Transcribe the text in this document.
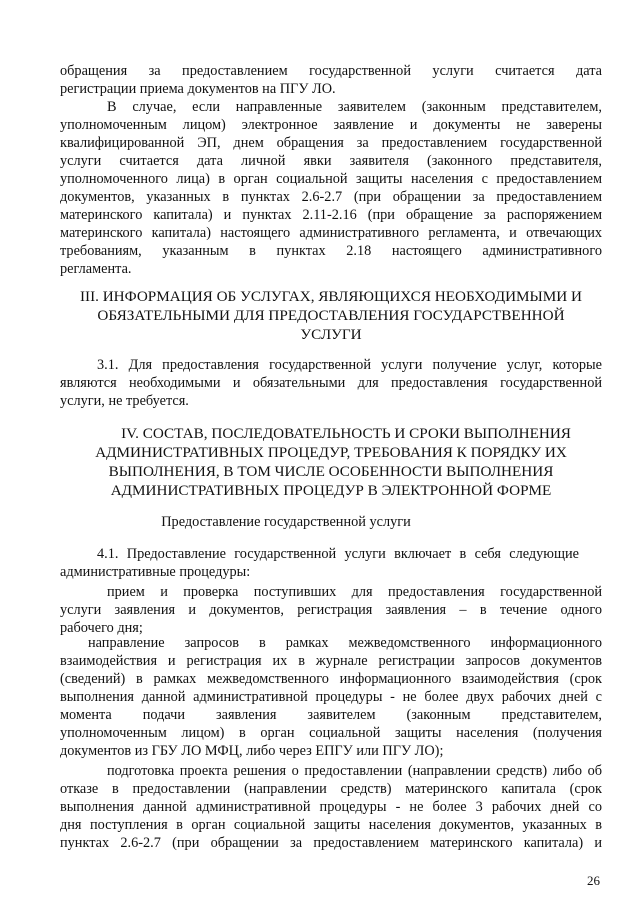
обращения за предоставлением государственной услуги считается дата
регистрации приема документов на ПГУ ЛО.
В случае, если направленные заявителем (законным представителем,
уполномоченным лицом) электронное заявление и документы не заверены
квалифицированной ЭП, днем обращения за предоставлением государственной
услуги считается дата личной явки заявителя (законного представителя,
уполномоченного лица) в орган социальной защиты населения с предоставлением
документов, указанных в пунктах 2.6-2.7 (при обращении за предоставлением
материнского капитала) и пунктах 2.11-2.16 (при обращение за распоряжением
материнского капитала) настоящего административного регламента, и отвечающих
требованиям, указанным в пунктах 2.18 настоящего административного
регламента.
III. ИНФОРМАЦИЯ ОБ УСЛУГАХ, ЯВЛЯЮЩИХСЯ НЕОБХОДИМЫМИ И
ОБЯЗАТЕЛЬНЫМИ ДЛЯ ПРЕДОСТАВЛЕНИЯ ГОСУДАРСТВЕННОЙ
УСЛУГИ
3.1. Для предоставления государственной услуги получение услуг, которые
являются необходимыми и обязательными для предоставления государственной
услуги, не требуется.
IV. СОСТАВ, ПОСЛЕДОВАТЕЛЬНОСТЬ И СРОКИ ВЫПОЛНЕНИЯ
АДМИНИСТРАТИВНЫХ ПРОЦЕДУР, ТРЕБОВАНИЯ К ПОРЯДКУ ИХ
ВЫПОЛНЕНИЯ, В ТОМ ЧИСЛЕ ОСОБЕННОСТИ ВЫПОЛНЕНИЯ
АДМИНИСТРАТИВНЫХ ПРОЦЕДУР В ЭЛЕКТРОННОЙ ФОРМЕ
Предоставление государственной услуги
4.1. Предоставление государственной услуги включает в себя следующие
административные процедуры:
прием и проверка поступивших для предоставления государственной
услуги заявления и документов, регистрация заявления – в течение одного
рабочего дня;
направление запросов в рамках межведомственного информационного
взаимодействия и регистрация их в журнале регистрации запросов документов
(сведений) в рамках межведомственного информационного взаимодействия (срок
выполнения данной административной процедуры - не более двух рабочих дней с
момента подачи заявления заявителем (законным представителем,
уполномоченным лицом) в орган социальной защиты населения (получения
документов из ГБУ ЛО МФЦ, либо через ЕПГУ или ПГУ ЛО);
подготовка проекта решения о предоставлении (направлении средств) либо об
отказе в предоставлении (направлении средств) материнского капитала (срок
выполнения данной административной процедуры - не более 3 рабочих дней со
дня поступления в орган социальной защиты населения документов, указанных в
пунктах 2.6-2.7 (при обращении за предоставлением материнского капитала) и
26
